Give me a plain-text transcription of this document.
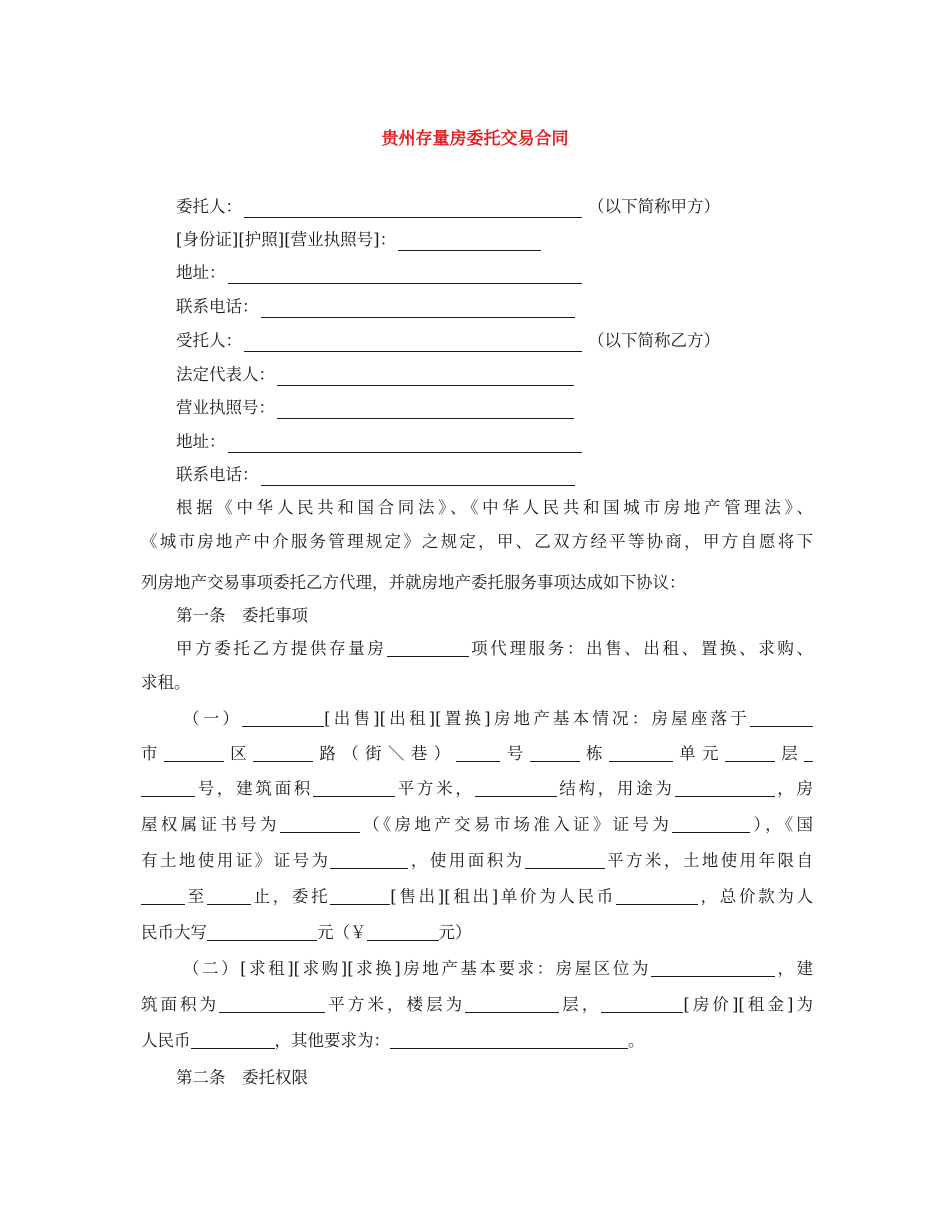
贵州存量房委托交易合同
委托人：	（以下简称甲方）
[身份证][护照][营业执照号]：
地址：
联系电话：
受托人：	（以下简称乙方）
法定代表人：
营业执照号：
地址：
联系电话：
根据《中华人民共和国合同法》、《中华人民共和国城市房地产管理法》、
《城市房地产中介服务管理规定》之规定，甲、乙双方经平等协商，甲方自愿将下
列房地产交易事项委托乙方代理，并就房地产委托服务事项达成如下协议：
第一条　委托事项
甲方委托乙方提供存量房	项代理服务：出售、出租、置换、求购、
求租。
（一）	[出售][出租][置换]房地产基本情况：房屋座落于
市	区	路（街＼巷）	号	栋	单元	层
号，建筑面积	平方米，	结构，用途为	，房
屋权属证书号为	（《房地产交易市场准入证》证号为	），《国
有土地使用证》证号为	，使用面积为	平方米，土地使用年限自
至	止，委托	[售出][租出]单价为人民币	，总价款为人
民币大写	元（￥	元）
（二）[求租][求购][求换]房地产基本要求：房屋区位为	，建
筑面积为	平方米，楼层为	层，	[房价][租金]为
人民币	，其他要求为：	。
第二条　委托权限
